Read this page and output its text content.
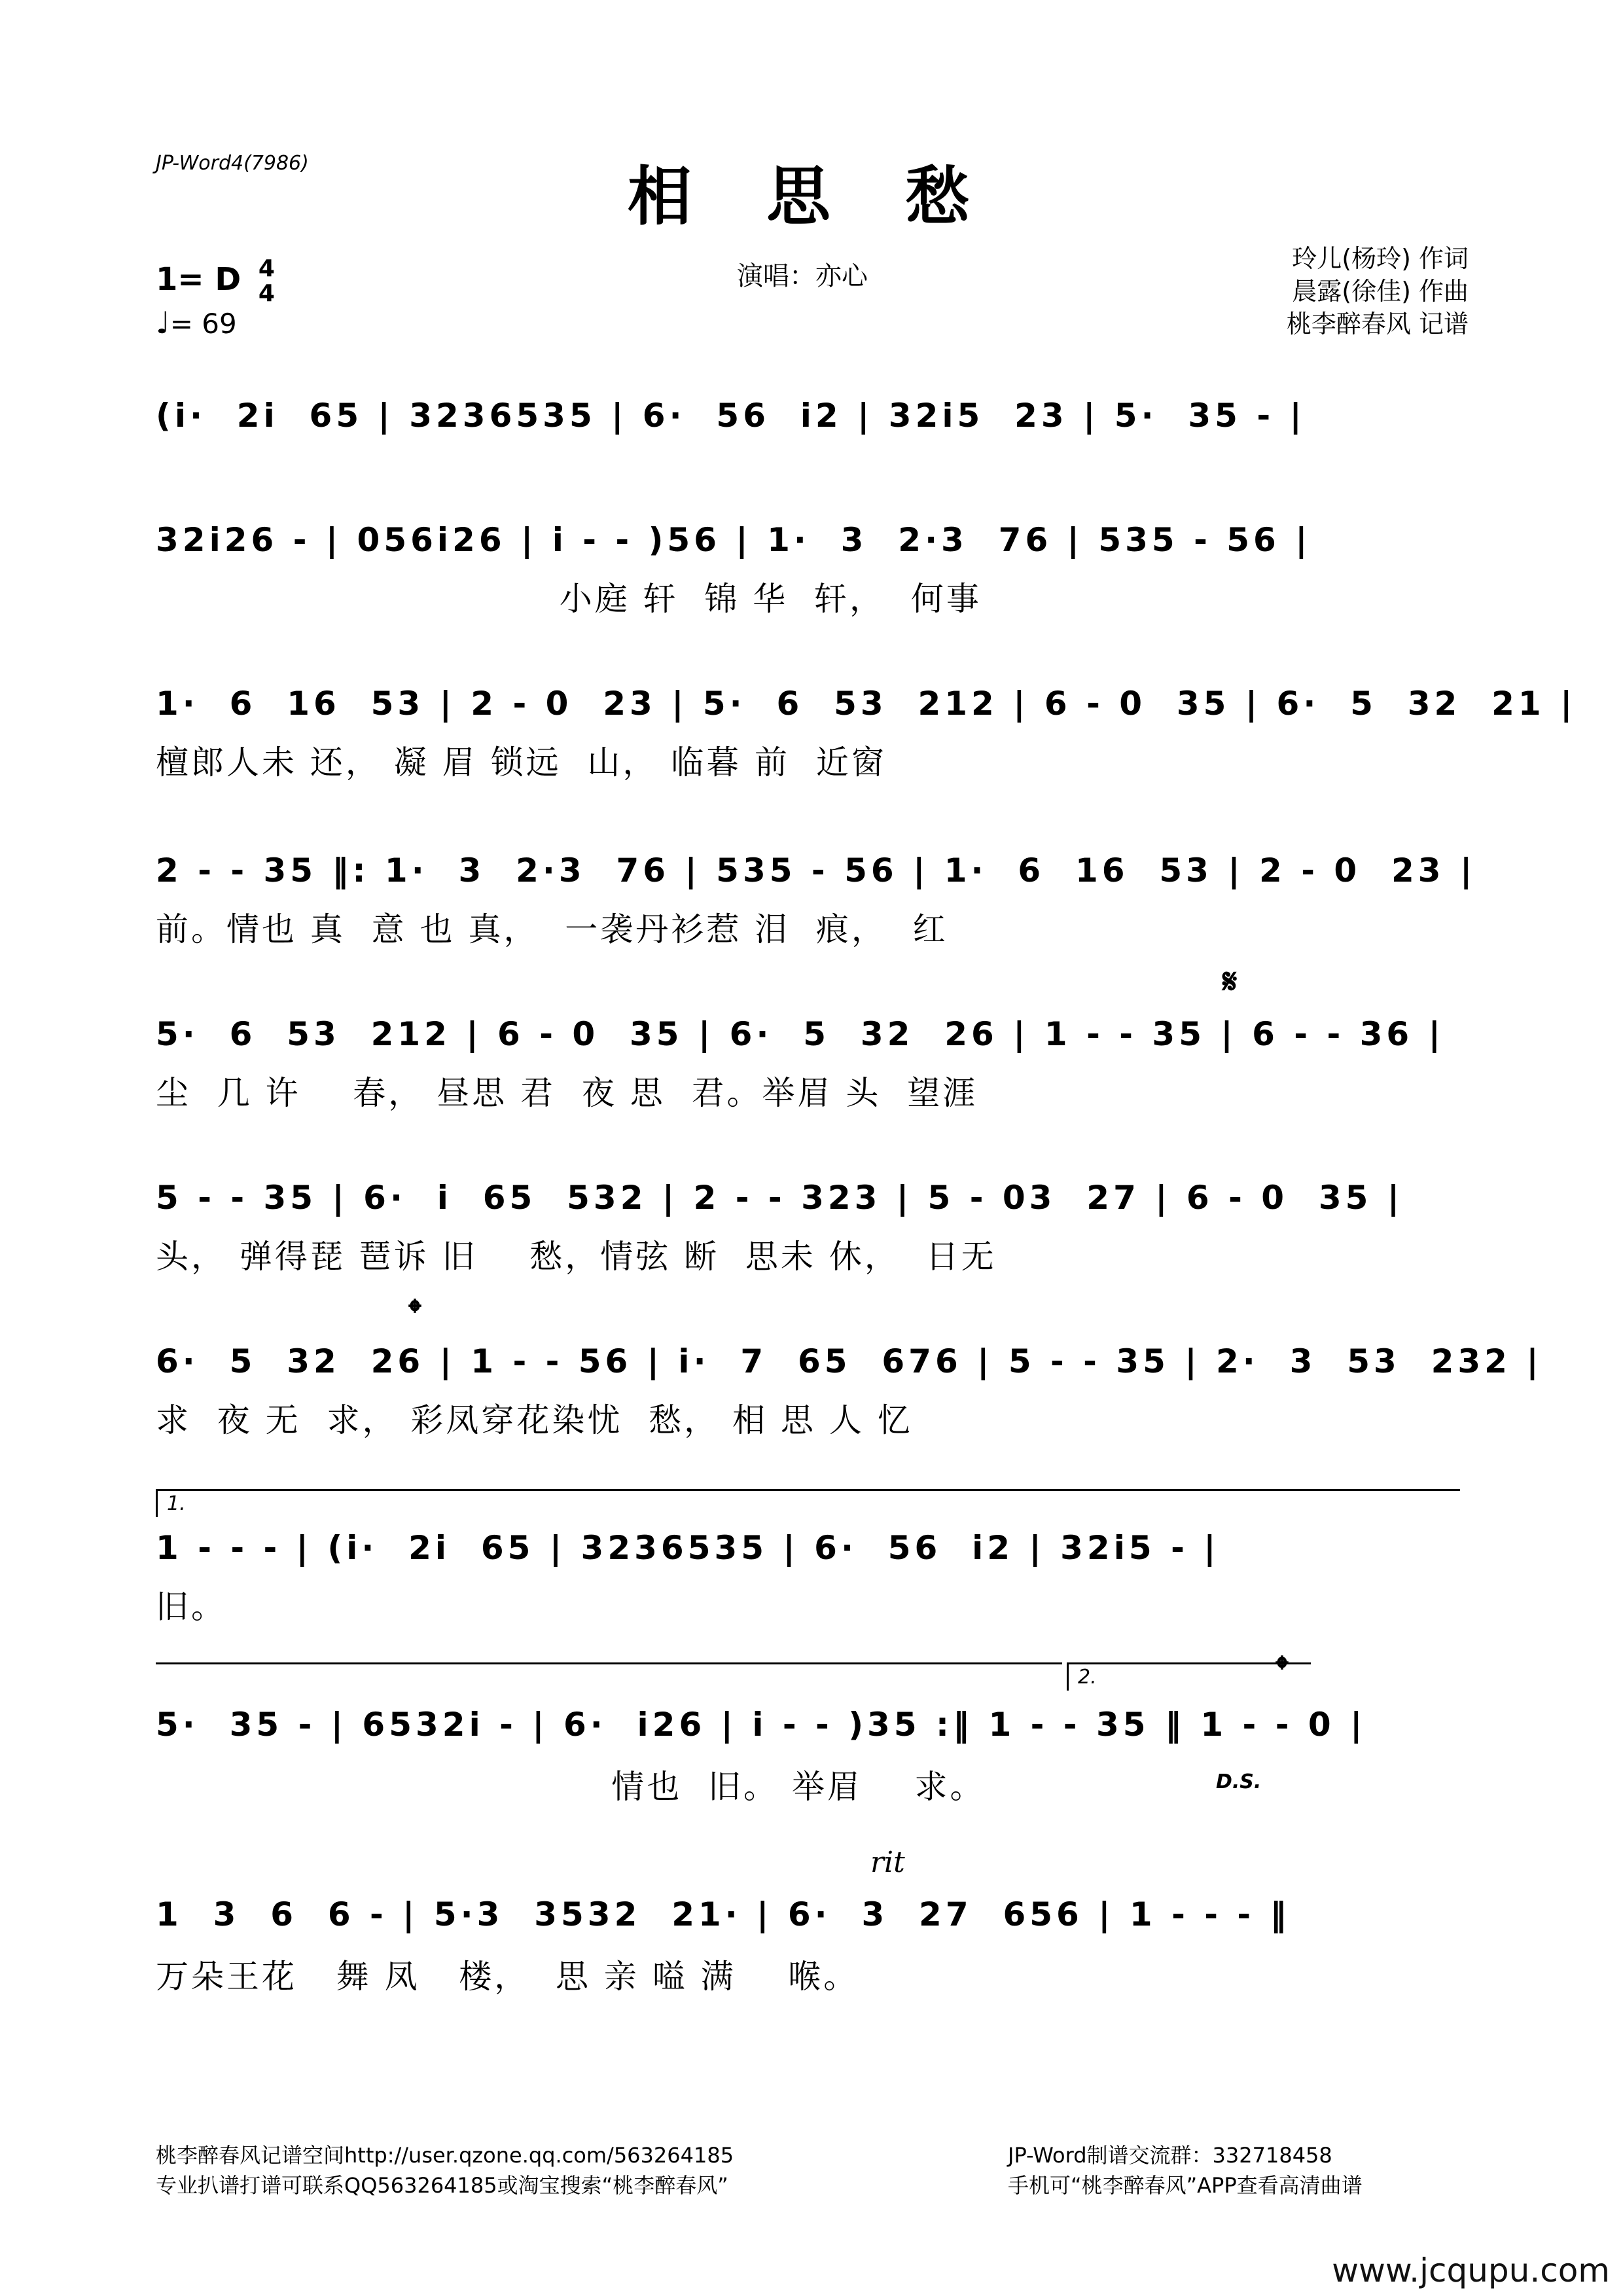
JP-Word4(7986)	相 思 愁
演唱：亦心
1= D 4
4
♩= 69
玲儿(杨玲) 作词
晨露(徐佳) 作曲
桃李醉春风 记谱
(i·  2i  65 | 3236535 | 6·  56  i2 | 32i5  23 | 5·  35 - |
32i26 - | 056i26 | i - - )56 | 1·  3  2·3  76 | 535 - 56 |
小庭 轩  锦 华  轩，  何事
1·  6  16  53 | 2 - 0  23 | 5·  6  53  212 | 6 - 0  35 | 6·  5  32  21 |
檀郎人未 还， 凝 眉 锁远  山， 临暮 前  近窗
2 - - 35 ‖: 1·  3  2·3  76 | 535 - 56 | 1·  6  16  53 | 2 - 0  23 |
前。情也 真  意 也 真，  一袭丹衫惹 泪  痕，  红
𝄋
5·  6  53  212 | 6 - 0  35 | 6·  5  32  26 | 1 - - 35 | 6 - - 36 |
尘  几 许    春， 昼思 君  夜 思  君。举眉 头  望涯
5 - - 35 | 6·  i  65  532 | 2 - - 323 | 5 - 03  27 | 6 - 0  35 |
头， 弹得琵 琶诉 旧    愁，情弦 断  思未 休，  日无
𝄌
6·  5  32  26 | 1 - - 56 | i·  7  65  676 | 5 - - 35 | 2·  3  53  232 |
求  夜 无  求， 彩凤穿花染忧  愁， 相 思 人 忆
1.
1 - - - | (i·  2i  65 | 3236535 | 6·  56  i2 | 32i5 - |
旧。
2.	𝄌
5·  35 - | 6532i - | 6·  i26 | i - - )35 :‖ 1 - - 35 ‖ 1 - - 0 |
情也  旧。 举眉    求。	D.S.
rit
1  3  6  6 - | 5·3  3532  21· | 6·  3  27  656 | 1 - - - ‖
万朵王花   舞 凤   楼，  思 亲 嗌 满    喉。
桃李醉春风记谱空间http://user.qzone.qq.com/563264185
专业扒谱打谱可联系QQ563264185或淘宝搜索“桃李醉春风”
JP-Word制谱交流群：332718458
手机可“桃李醉春风”APP查看高清曲谱
www.jcqupu.com
